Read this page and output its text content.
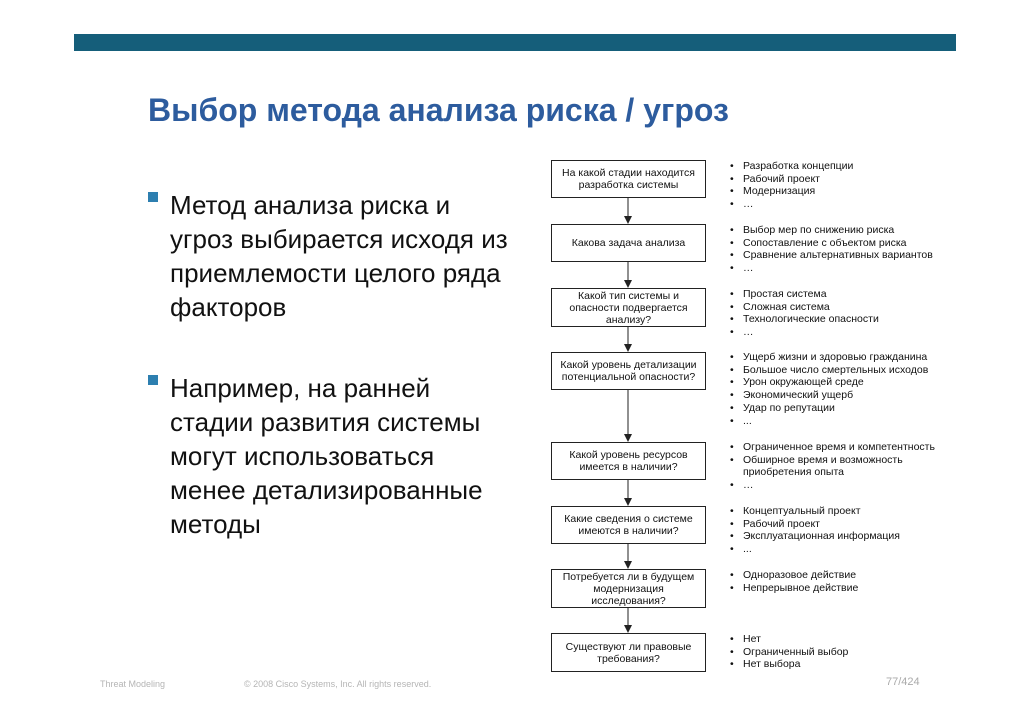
Выбор метода анализа риска / угроз
Метод анализа риска и угроз выбирается исходя из приемлемости целого ряда факторов
Например, на ранней стадии развития системы могут использоваться менее детализированные методы
На какой стадии находится разработка системы
Какова задача анализа
Какой тип системы и опасности подвергается анализу?
Какой уровень детализации потенциальной опасности?
Какой уровень ресурсов имеется в наличии?
Какие сведения о системе имеются в наличии?
Потребуется ли в будущем модернизация исследования?
Существуют ли правовые требования?
• Разработка концепции
• Рабочий проект
• Модернизация
• …
• Выбор мер по снижению риска
• Сопоставление с объектом риска
• Сравнение альтернативных вариантов
• …
• Простая система
• Сложная система
• Технологические опасности
• …
• Ущерб жизни и здоровью гражданина
• Большое число смертельных исходов
• Урон окружающей среде
• Экономический ущерб
• Удар по репутации
• ...
• Ограниченное время и компетентность
• Обширное время и возможность приобретения опыта
• …
• Концептуальный проект
• Рабочий проект
• Эксплуатационная информация
• ...
• Одноразовое действие
• Непрерывное действие
• Нет
• Ограниченный выбор
• Нет выбора
Threat Modeling	© 2008 Cisco Systems, Inc. All rights reserved.	77/424
